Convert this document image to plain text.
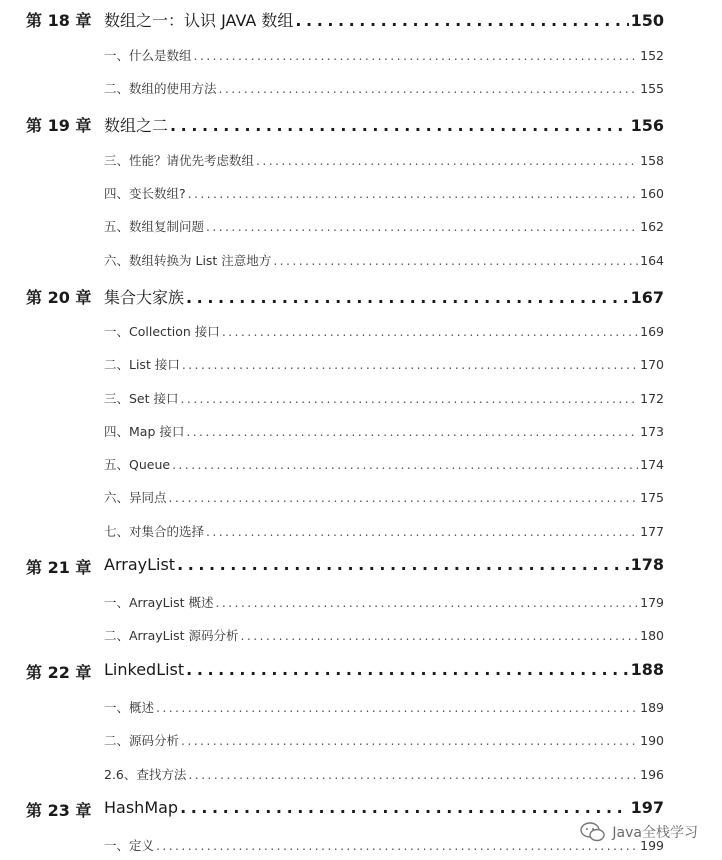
第 18 章 数组之一：认识 JAVA 数组 . . .	150
一、什么是数组 . . .	152
二、数组的使用方法 . . .	155
第 19 章 数组之二 . . .	156
三、性能？请优先考虑数组 . . .	158
四、变长数组? . . .	160
五、数组复制问题 . . .	162
六、数组转换为 List 注意地方 . . .	164
第 20 章 集合大家族 . . .	167
一、Collection 接口 . . .	169
二、List 接口 . . .	170
三、Set 接口 . . .	172
四、Map 接口 . . .	173
五、Queue . . .	174
六、异同点 . . .	175
七、对集合的选择 . . .	177
第 21 章 ArrayList . . .	178
一、ArrayList 概述 . . .	179
二、ArrayList 源码分析 . . .	180
第 22 章 LinkedList . . .	188
一、概述 . . .	189
二、源码分析 . . .	190
2.6、查找方法 . . .	196
第 23 章 HashMap . . .	197
一、定义 . . .	199
Java全栈学习
